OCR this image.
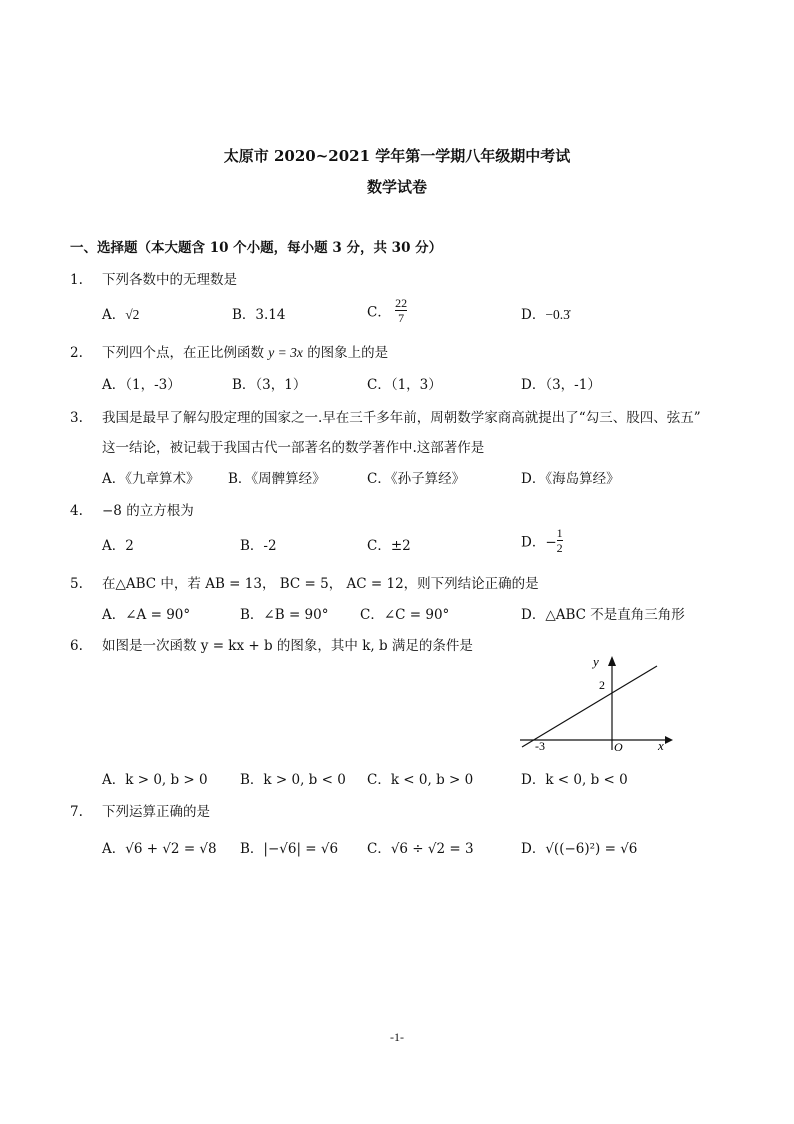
太原市 2020~2021 学年第一学期八年级期中考试
数学试卷
一、选择题（本大题含 10 个小题，每小题 3 分，共 30 分）
1. 下列各数中的无理数是
A．√2	B．3.14	C． $\frac{22}{7}$	D．−0.3̇
2. 下列四个点，在正比例函数 y = 3x 的图象上的是
A．（1，-3）	B．（3，1）	C．（1，3）	D．（3，-1）
3. 我国是最早了解勾股定理的国家之一.早在三千多年前，周朝数学家商高就提出了“勾三、股四、弦五”
这一结论，被记载于我国古代一部著名的数学著作中.这部著作是
A．《九章算术》 B．《周髀算经》	C．《孙子算经》	D．《海岛算经》
4. −8 的立方根为
A．2	B．-2	C．±2	D．− $\frac{1}{2}$
5. 在△ABC 中，若 AB = 13， BC = 5， AC = 12，则下列结论正确的是
A．∠A = 90°	B．∠B = 90° C．∠C = 90°	D．△ABC 不是直角三角形
6. 如图是一次函数 y = kx + b 的图象，其中 k, b 满足的条件是
y
x
O
2
-3
A．k > 0, b > 0 B．k > 0, b < 0 C．k < 0, b > 0	D．k < 0, b < 0
7. 下列运算正确的是
A．√6 + √2 = √8 B．|−√6| = √6 C．√6 ÷ √2 = 3	D．√((−6)²) = √6
-1-
